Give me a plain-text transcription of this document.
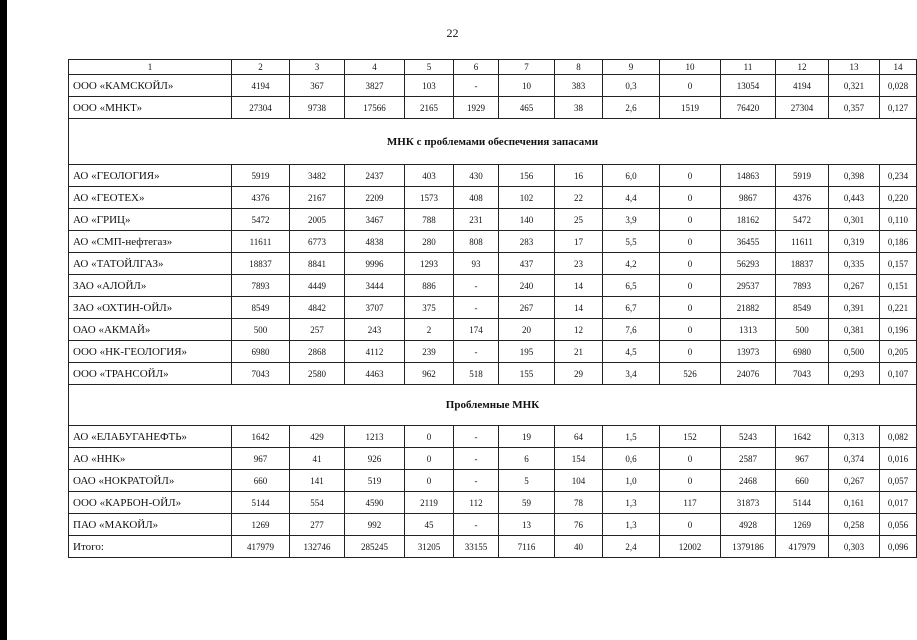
22
1	2	3	4	5	6	7	8	9	10	11	12	13	14
ООО «КАМСКОЙЛ»	4194	367	3827	103	-	10	383	0,3	0	13054	4194	0,321	0,028
ООО «МНКТ»	27304	9738	17566	2165	1929	465	38	2,6	1519	76420	27304	0,357	0,127
МНК с проблемами обеспечения запасами													
АО «ГЕОЛОГИЯ»	5919	3482	2437	403	430	156	16	6,0	0	14863	5919	0,398	0,234
АО «ГЕОТЕХ»	4376	2167	2209	1573	408	102	22	4,4	0	9867	4376	0,443	0,220
АО «ГРИЦ»	5472	2005	3467	788	231	140	25	3,9	0	18162	5472	0,301	0,110
АО «СМП-нефтегаз»	11611	6773	4838	280	808	283	17	5,5	0	36455	11611	0,319	0,186
АО «ТАТОЙЛГАЗ»	18837	8841	9996	1293	93	437	23	4,2	0	56293	18837	0,335	0,157
ЗАО «АЛОЙЛ»	7893	4449	3444	886	-	240	14	6,5	0	29537	7893	0,267	0,151
ЗАО «ОХТИН-ОЙЛ»	8549	4842	3707	375	-	267	14	6,7	0	21882	8549	0,391	0,221
ОАО «АКМАЙ»	500	257	243	2	174	20	12	7,6	0	1313	500	0,381	0,196
ООО «НК-ГЕОЛОГИЯ»	6980	2868	4112	239	-	195	21	4,5	0	13973	6980	0,500	0,205
ООО «ТРАНСОЙЛ»	7043	2580	4463	962	518	155	29	3,4	526	24076	7043	0,293	0,107
Проблемные МНК													
АО «ЕЛАБУГАНЕФТЬ»	1642	429	1213	0	-	19	64	1,5	152	5243	1642	0,313	0,082
АО «ННК»	967	41	926	0	-	6	154	0,6	0	2587	967	0,374	0,016
ОАО «НОКРАТОЙЛ»	660	141	519	0	-	5	104	1,0	0	2468	660	0,267	0,057
ООО «КАРБОН-ОЙЛ»	5144	554	4590	2119	112	59	78	1,3	117	31873	5144	0,161	0,017
ПАО «МАКОЙЛ»	1269	277	992	45	-	13	76	1,3	0	4928	1269	0,258	0,056
Итого:	417979	132746	285245	31205	33155	7116	40	2,4	12002	1379186	417979	0,303	0,096
